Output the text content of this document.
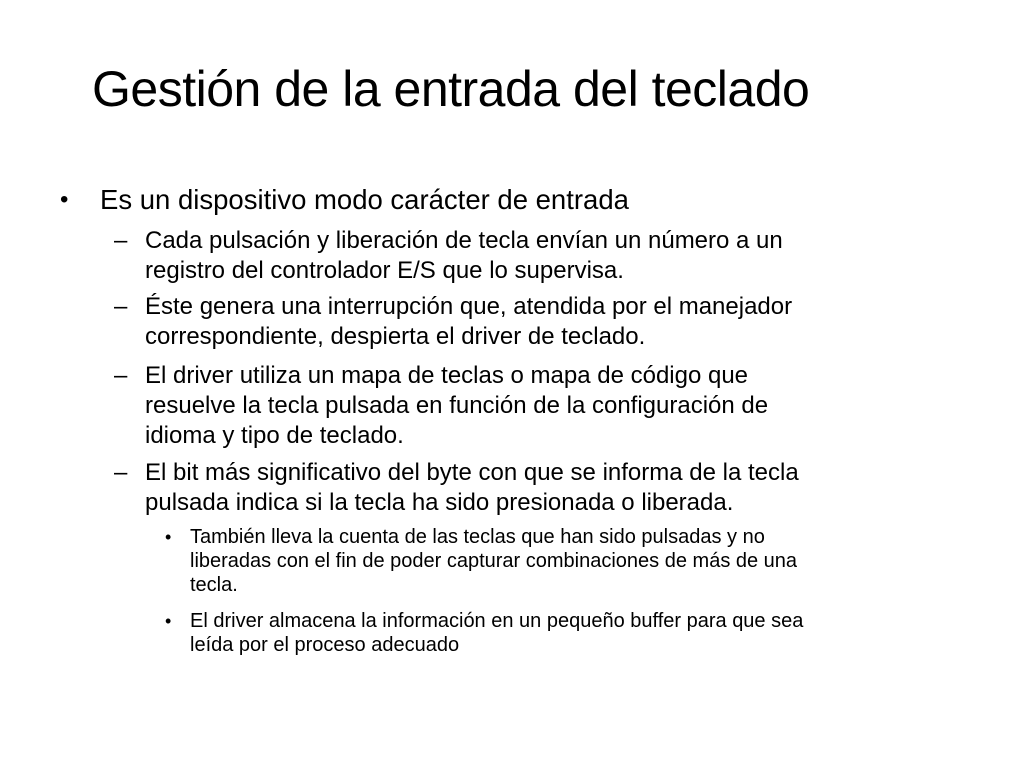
Gestión de la entrada del teclado
• Es un dispositivo modo carácter de entrada
– Cada pulsación y liberación de tecla envían un número a un
registro del controlador E/S que lo supervisa.
– Éste genera una interrupción que, atendida por el manejador
correspondiente, despierta el driver de teclado.
– El driver utiliza un mapa de teclas o mapa de código que
resuelve la tecla pulsada en función de la configuración de
idioma y tipo de teclado.
– El bit más significativo del byte con que se informa de la tecla
pulsada indica si la tecla ha sido presionada o liberada.
• También lleva la cuenta de las teclas que han sido pulsadas y no
liberadas con el fin de poder capturar combinaciones de más de una
tecla.
• El driver almacena la información en un pequeño buffer para que sea
leída por el proceso adecuado
